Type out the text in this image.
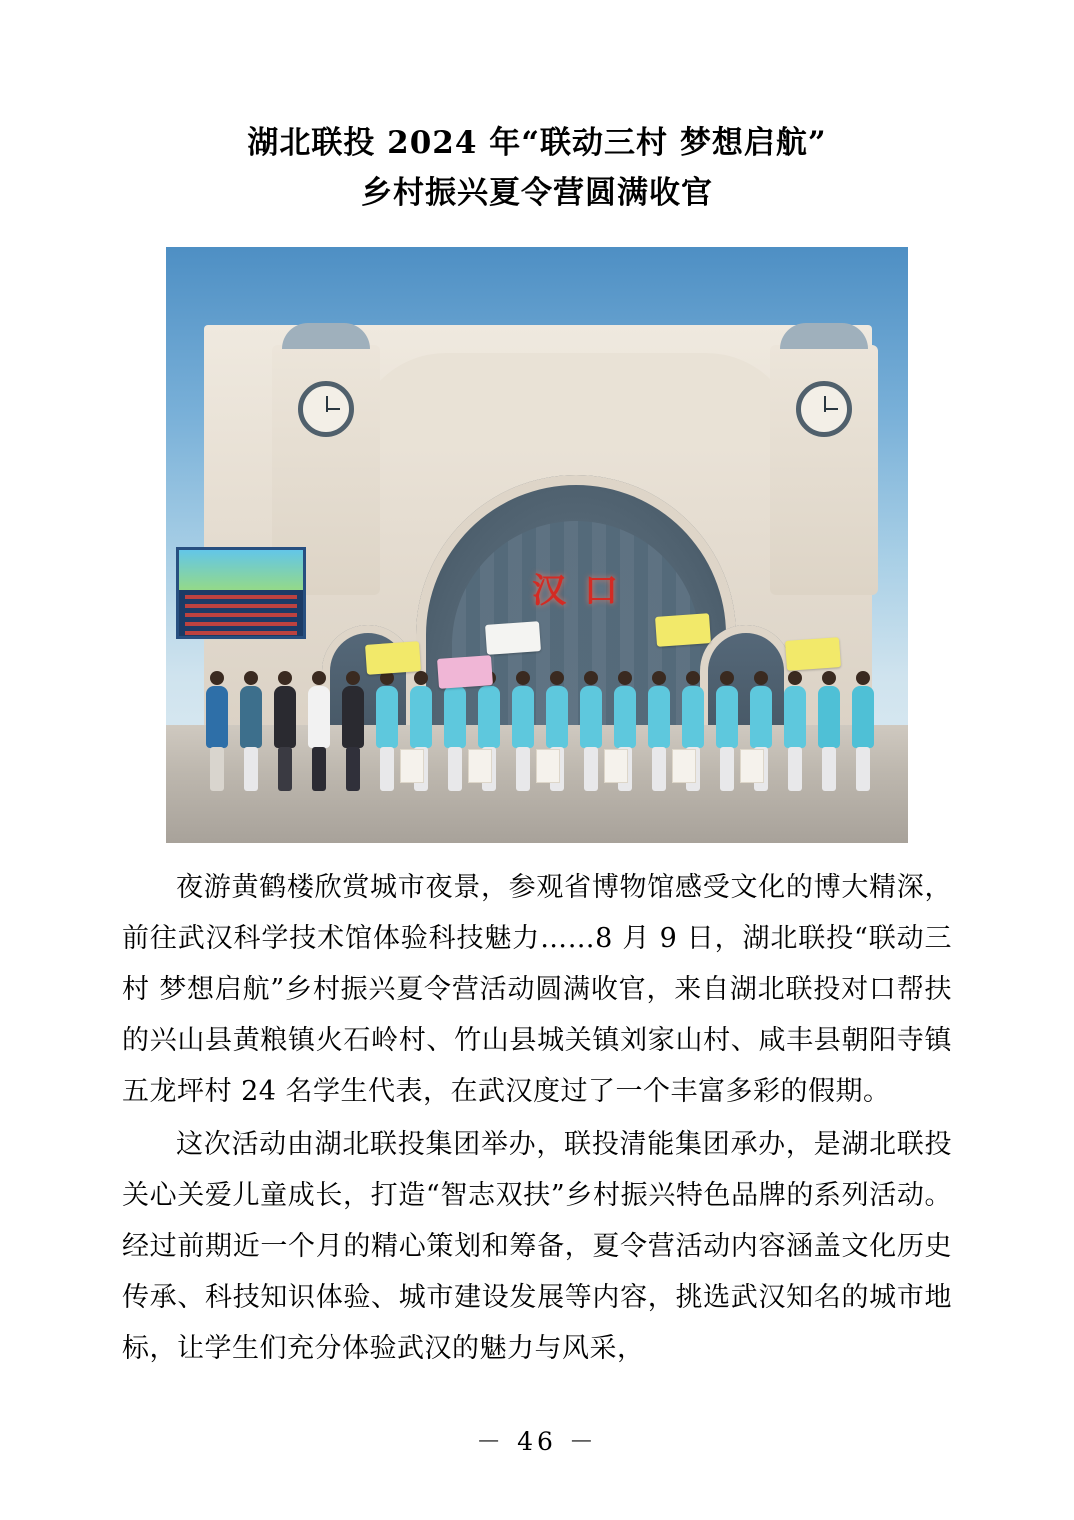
湖北联投 2024 年“联动三村 梦想启航”
乡村振兴夏令营圆满收官
汉 口

夜游黄鹤楼欣赏城市夜景，参观省博物馆感受文化的博大精深，前往武汉科学技术馆体验科技魅力……8 月 9 日，湖北联投“联动三村 梦想启航”乡村振兴夏令营活动圆满收官，来自湖北联投对口帮扶的兴山县黄粮镇火石岭村、竹山县城关镇刘家山村、咸丰县朝阳寺镇五龙坪村 24 名学生代表，在武汉度过了一个丰富多彩的假期。

这次活动由湖北联投集团举办，联投清能集团承办，是湖北联投关心关爱儿童成长，打造“智志双扶”乡村振兴特色品牌的系列活动。经过前期近一个月的精心策划和筹备，夏令营活动内容涵盖文化历史传承、科技知识体验、城市建设发展等内容，挑选武汉知名的城市地标，让学生们充分体验武汉的魅力与风采，

－ 46 －
